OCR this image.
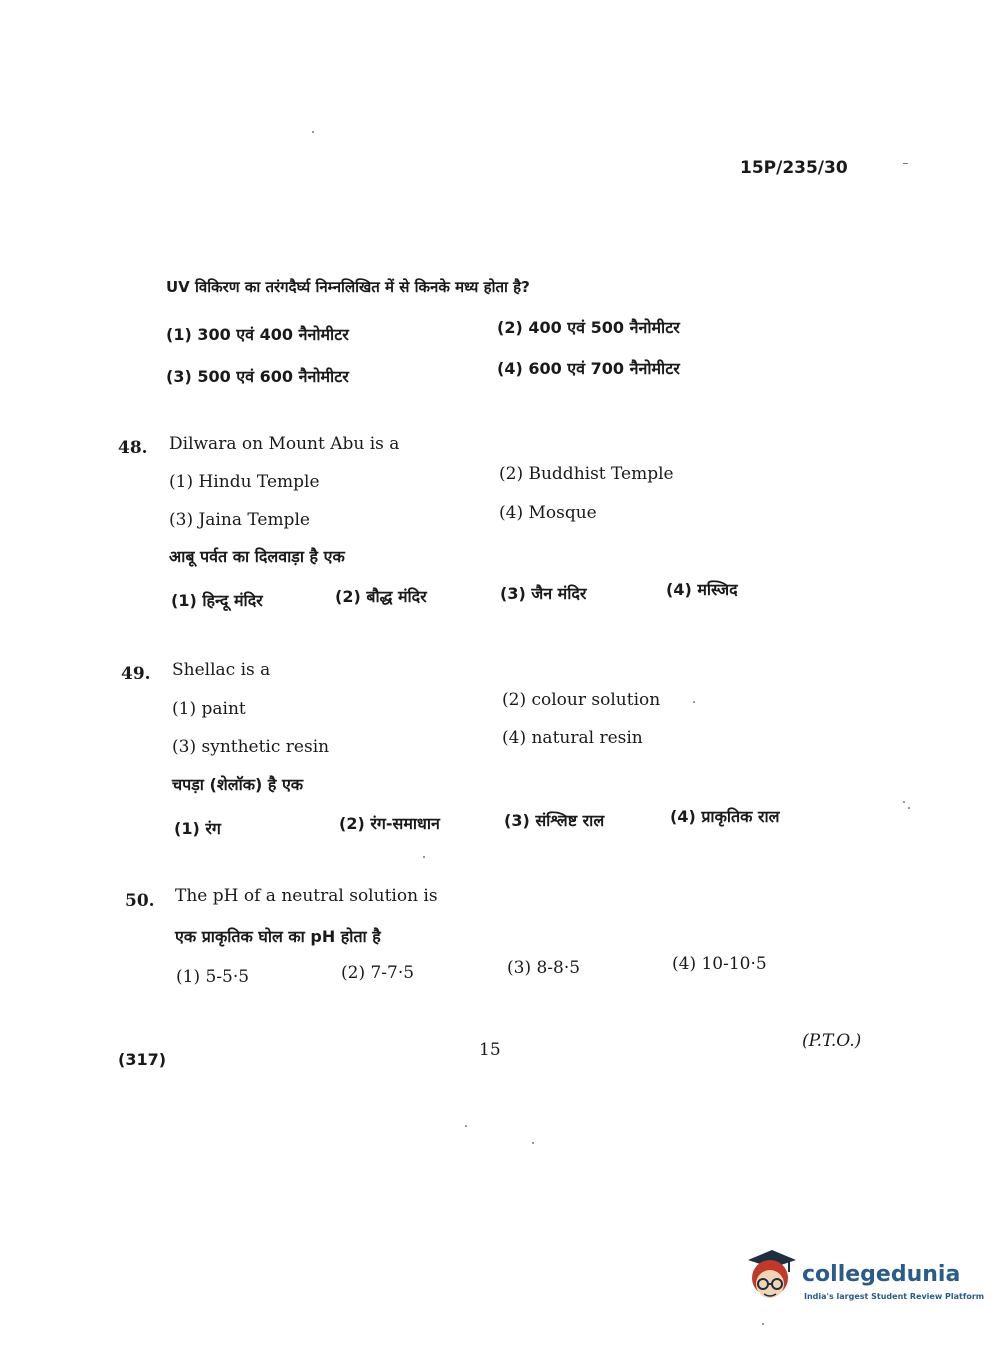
15P/235/30
UV विकिरण का तरंगदैर्घ्य निम्नलिखित में से किनके मध्य होता है?
(1) 300 एवं 400 नैनोमीटर	(2) 400 एवं 500 नैनोमीटर
(3) 500 एवं 600 नैनोमीटर	(4) 600 एवं 700 नैनोमीटर
48. Dilwara on Mount Abu is a
(1) Hindu Temple	(2) Buddhist Temple
(3) Jaina Temple	(4) Mosque
आबू पर्वत का दिलवाड़ा है एक
(1) हिन्दू मंदिर	(2) बौद्ध मंदिर	(3) जैन मंदिर	(4) मस्जिद
49. Shellac is a
(1) paint	(2) colour solution
(3) synthetic resin	(4) natural resin
चपड़ा (शेलॉक) है एक
(1) रंग	(2) रंग-समाधान	(3) संश्लिष्ट राल	(4) प्राकृतिक राल
50. The pH of a neutral solution is
एक प्राकृतिक घोल का pH होता है
(1) 5-5·5	(2) 7-7·5	(3) 8-8·5	(4) 10-10·5
(317)	15	(P.T.O.)
collegedunia
India's largest Student Review Platform
